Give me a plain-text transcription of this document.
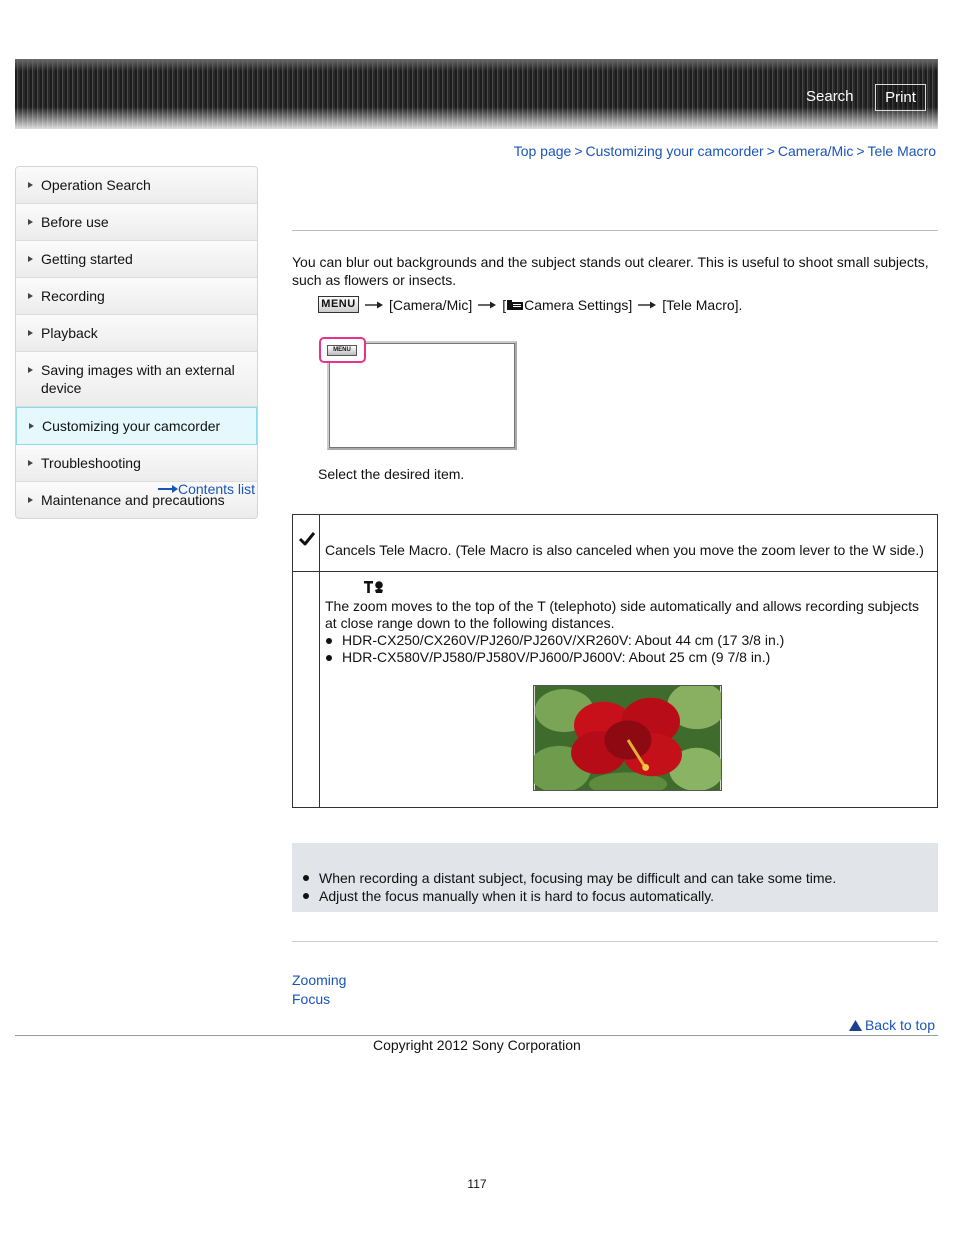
Search	Print
Top page > Customizing your camcorder > Camera/Mic > Tele Macro
Operation Search
Before use
Getting started
Recording
Playback
Saving images with an external device
Customizing your camcorder
Troubleshooting
Maintenance and precautions
Contents list
You can blur out backgrounds and the subject stands out clearer. This is useful to shoot small subjects, such as flowers or insects.
MENU [Camera/Mic] [ Camera Settings] [Tele Macro].
MENU
Select the desired item.
Cancels Tele Macro. (Tele Macro is also canceled when you move the zoom lever to the W side.)
The zoom moves to the top of the T (telephoto) side automatically and allows recording subjects at close range down to the following distances.
HDR-CX250/CX260V/PJ260/PJ260V/XR260V: About 44 cm (17 3/8 in.)
HDR-CX580V/PJ580/PJ580V/PJ600/PJ600V: About 25 cm (9 7/8 in.)
When recording a distant subject, focusing may be difficult and can take some time.
Adjust the focus manually when it is hard to focus automatically.
Zooming
Focus
Back to top
Copyright 2012 Sony Corporation
117
